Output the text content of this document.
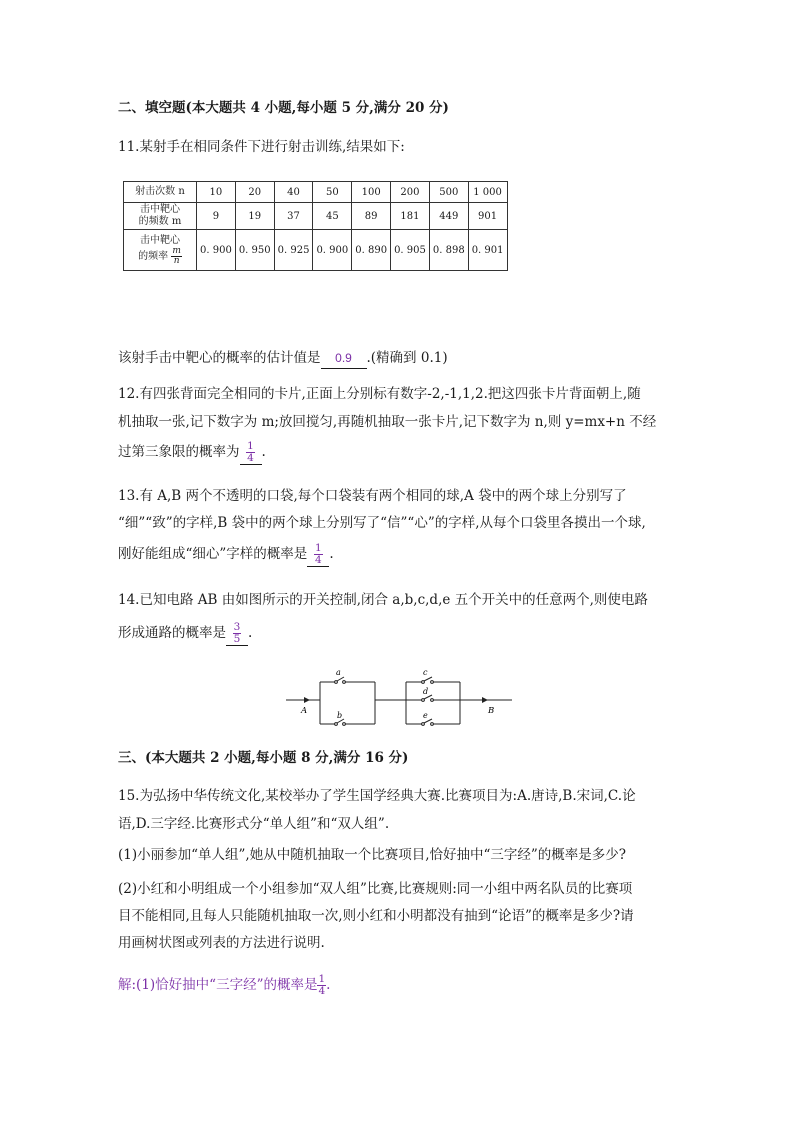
二、填空题(本大题共 4 小题,每小题 5 分,满分 20 分)
11.某射手在相同条件下进行射击训练,结果如下:
射击次数 n	10	20	40	50	100	200	500	1 000
击中靶心
的频数 m	9	19	37	45	89	181	449	901
击中靶心
的频率 $\frac{m}{n}$	0. 900	0. 950	0. 925	0. 900	0. 890	0. 905	0. 898	0. 901
该射手击中靶心的概率的估计值是 0.9 .(精确到 0.1)
12.有四张背面完全相同的卡片,正面上分别标有数字-2,-1,1,2.把这四张卡片背面朝上,随
机抽取一张,记下数字为 m;放回搅匀,再随机抽取一张卡片,记下数字为 n,则 y=mx+n 不经
过第三象限的概率为 $\frac{1}{4}$ .
13.有 A,B 两个不透明的口袋,每个口袋装有两个相同的球,A 袋中的两个球上分别写了
“细”“致”的字样,B 袋中的两个球上分别写了“信”“心”的字样,从每个口袋里各摸出一个球,
刚好能组成“细心”字样的概率是 $\frac{1}{4}$ .
14.已知电路 AB 由如图所示的开关控制,闭合 a,b,c,d,e 五个开关中的任意两个,则使电路
形成通路的概率是 $\frac{3}{5}$ .
A	B
a
b
c
d
e
三、(本大题共 2 小题,每小题 8 分,满分 16 分)
15.为弘扬中华传统文化,某校举办了学生国学经典大赛.比赛项目为:A.唐诗,B.宋词,C.论
语,D.三字经.比赛形式分“单人组”和“双人组”.
(1)小丽参加“单人组”,她从中随机抽取一个比赛项目,恰好抽中“三字经”的概率是多少?
(2)小红和小明组成一个小组参加“双人组”比赛,比赛规则:同一小组中两名队员的比赛项
目不能相同,且每人只能随机抽取一次,则小红和小明都没有抽到“论语”的概率是多少?请
用画树状图或列表的方法进行说明.
解:(1)恰好抽中“三字经”的概率是 $\frac{1}{4}$ .
